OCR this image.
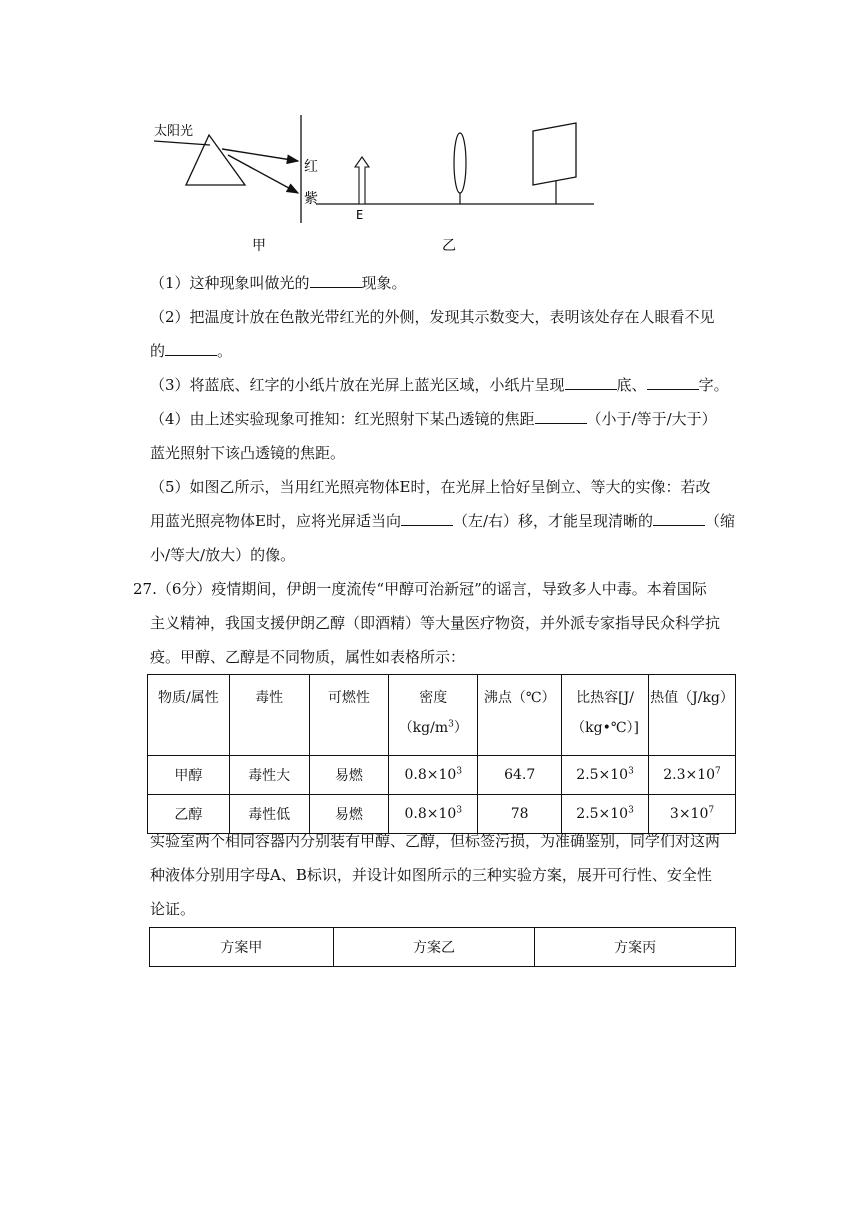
太阳光
红
紫
甲
E
乙
（1）这种现象叫做光的	现象。
（2）把温度计放在色散光带红光的外侧，发现其示数变大，表明该处存在人眼看不见
的	。
（3）将蓝底、红字的小纸片放在光屏上蓝光区域，小纸片呈现	底、	字。
（4）由上述实验现象可推知：红光照射下某凸透镜的焦距	（小于/等于/大于）
蓝光照射下该凸透镜的焦距。
（5）如图乙所示，当用红光照亮物体E时，在光屏上恰好呈倒立、等大的实像：若改
用蓝光照亮物体E时，应将光屏适当向	（左/右）移，才能呈现清晰的	（缩
小/等大/放大）的像。
27.（6分）疫情期间，伊朗一度流传“甲醇可治新冠”的谣言，导致多人中毒。本着国际
主义精神，我国支援伊朗乙醇（即酒精）等大量医疗物资，并外派专家指导民众科学抗
疫。甲醇、乙醇是不同物质，属性如表格所示：
物质/属性	毒性	可燃性	密度$(kg/m^3)$	沸点（℃）	比热容[J/
（kg•℃）]	热值（J/kg）
甲醇	毒性大	易燃	$0.8\times 10^3$	64.7	$2.5\times 10^3$	$2.3\times 10^7$
乙醇	毒性低	易燃	$0.8\times 10^3$	78	$2.5\times 10^3$	$3\times 10^7$
实验室两个相同容器内分别装有甲醇、乙醇，但标签污损，为准确鉴别，同学们对这两
种液体分别用字母A、B标识，并设计如图所示的三种实验方案，展开可行性、安全性
论证。
方案甲	方案乙	方案丙
